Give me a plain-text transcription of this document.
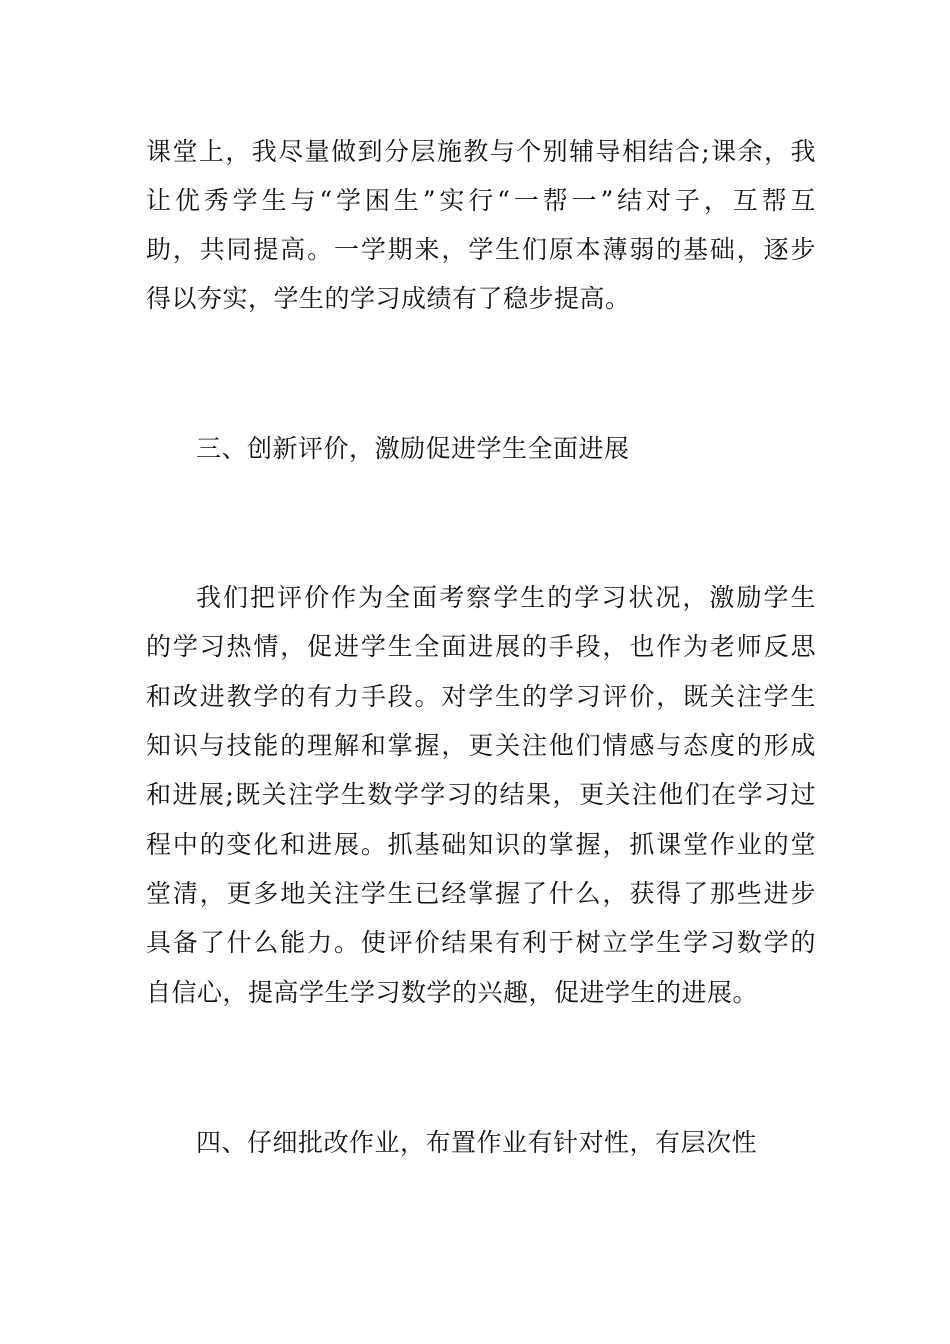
课堂上，我尽量做到分层施教与个别辅导相结合;课余，我
让优秀学生与“学困生”实行“一帮一”结对子，互帮互
助，共同提高。一学期来，学生们原本薄弱的基础，逐步
得以夯实，学生的学习成绩有了稳步提高。
三、创新评价，激励促进学生全面进展
我们把评价作为全面考察学生的学习状况，激励学生
的学习热情，促进学生全面进展的手段，也作为老师反思
和改进教学的有力手段。对学生的学习评价，既关注学生
知识与技能的理解和掌握，更关注他们情感与态度的形成
和进展;既关注学生数学学习的结果，更关注他们在学习过
程中的变化和进展。抓基础知识的掌握，抓课堂作业的堂
堂清，更多地关注学生已经掌握了什么，获得了那些进步
具备了什么能力。使评价结果有利于树立学生学习数学的
自信心，提高学生学习数学的兴趣，促进学生的进展。
四、仔细批改作业，布置作业有针对性，有层次性
